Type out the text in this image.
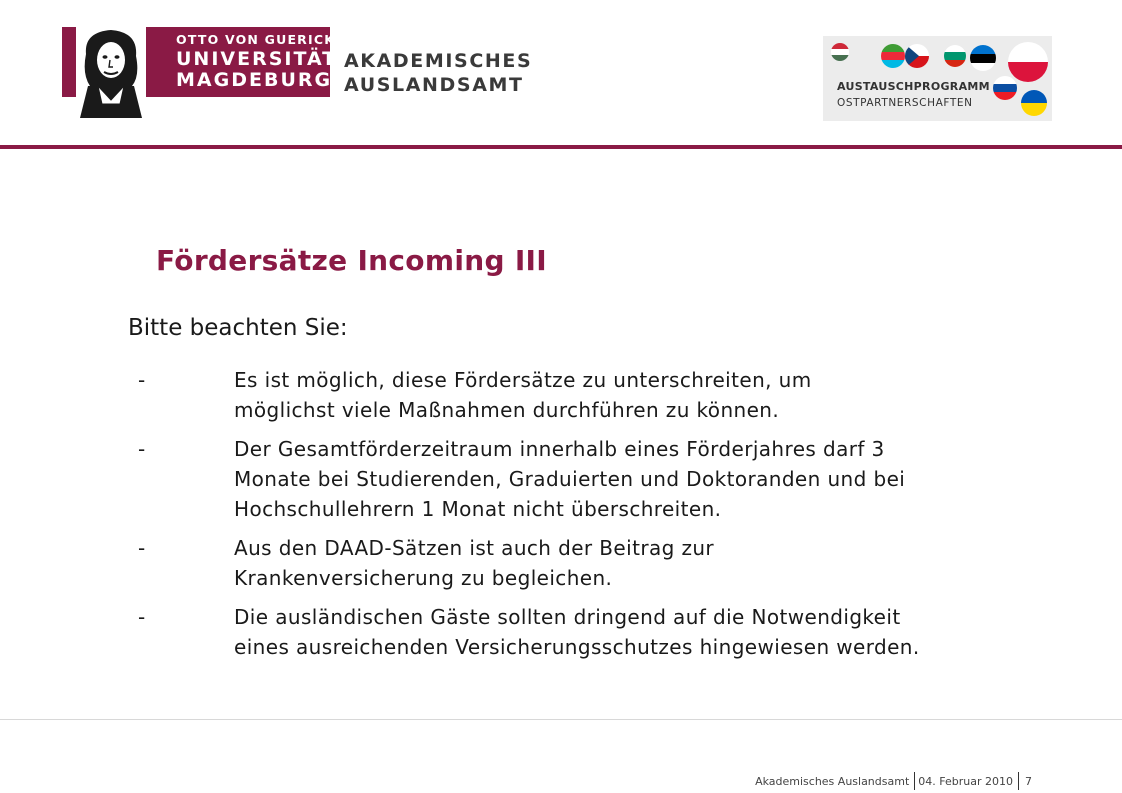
OTTO VON GUERICKE
UNIVERSITÄT
MAGDEBURG
AKADEMISCHES
AUSLANDSAMT	AUSTAUSCHPROGRAMM
OSTPARTNERSCHAFTEN
Fördersätze Incoming III
Bitte beachten Sie:
-	Es ist möglich, diese Fördersätze zu unterschreiten, um
möglichst viele Maßnahmen durchführen zu können.
-	Der Gesamtförderzeitraum innerhalb eines Förderjahres darf 3
Monate bei Studierenden, Graduierten und Doktoranden und bei
Hochschullehrern 1 Monat nicht überschreiten.
-	Aus den DAAD-Sätzen ist auch der Beitrag zur
Krankenversicherung zu begleichen.
-	Die ausländischen Gäste sollten dringend auf die Notwendigkeit
eines ausreichenden Versicherungsschutzes hingewiesen werden.
Akademisches Auslandsamt 04. Februar 2010 7
